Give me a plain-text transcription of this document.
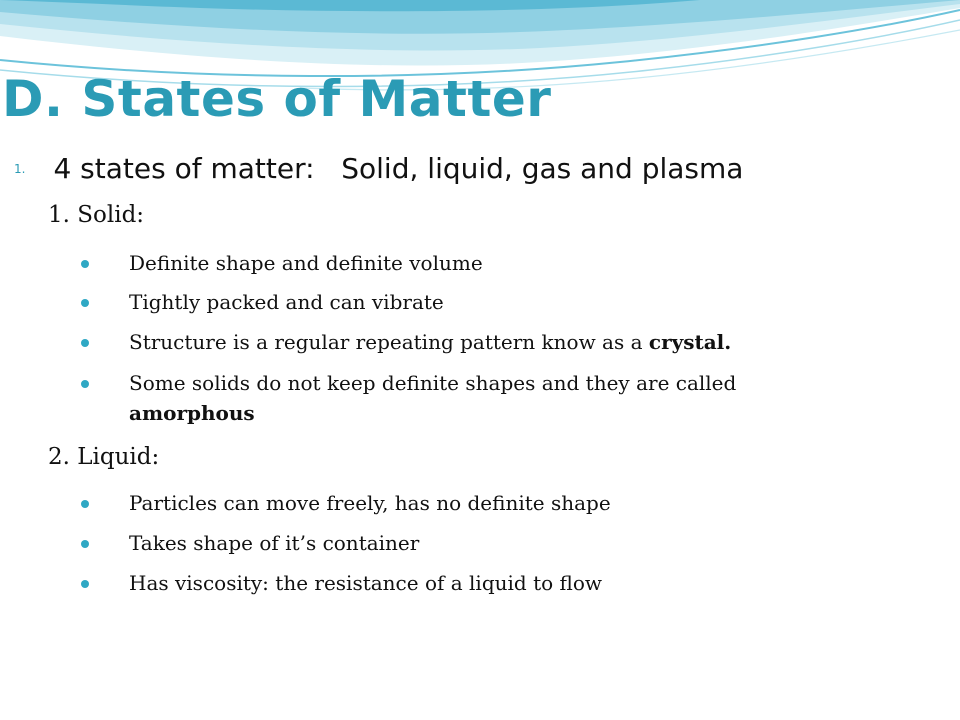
D. States of Matter
1. 4 states of matter: Solid, liquid, gas and plasma
1. Solid:
Definite shape and definite volume
Tightly packed and can vibrate
Structure is a regular repeating pattern know as a crystal.
Some solids do not keep definite shapes and they are called amorphous
2. Liquid:
Particles can move freely, has no definite shape
Takes shape of it’s container
Has viscosity: the resistance of a liquid to flow
